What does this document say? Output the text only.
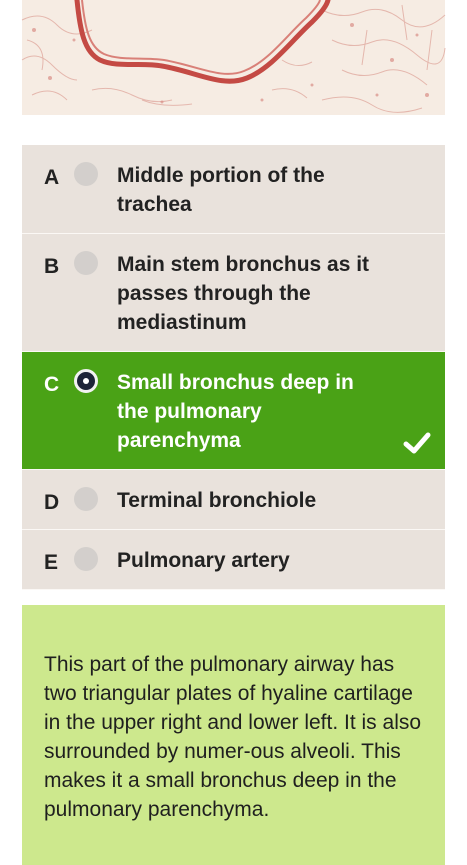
A	Middle portion of the trachea
B	Main stem bronchus as it passes through the mediastinum
C	Small bronchus deep in the pulmonary parenchyma
D	Terminal bronchiole
E	Pulmonary artery
This part of the pulmonary airway has two triangular plates of hyaline cartilage in the upper right and lower left. It is also surrounded by numer-ous alveoli. This makes it a small bronchus deep in the pulmonary parenchyma.
